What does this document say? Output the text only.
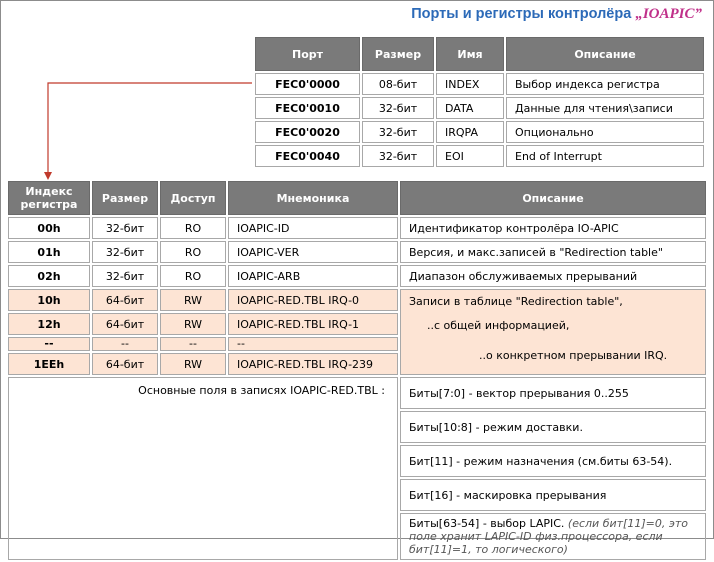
Порты и регистры контролёра „IOAPIC”
Порт	Размер	Имя	Описание
FEC0'0000	08-бит	INDEX	Выбор индекса регистра
FEC0'0010	32-бит	DATA	Данные для чтения\записи
FEC0'0020	32-бит	IRQPA	Опционально
FEC0'0040	32-бит	EOI	End of Interrupt
Индекс регистра	Размер	Доступ	Мнемоника	Описание
00h	32-бит	RO	IOAPIC-ID	Идентификатор контролёра IO-APIC
01h	32-бит	RO	IOAPIC-VER	Версия, и макс.записей в "Redirection table"
02h	32-бит	RO	IOAPIC-ARB	Диапазон обслуживаемых прерываний
10h	64-бит	RW	IOAPIC-RED.TBL IRQ-0	Записи в таблице "Redirection table",
..с общей информацией,
..о конкретном прерывании IRQ.

12h	64-бит	RW	IOAPIC-RED.TBL IRQ-1	
--	--	--	--	
1EEh	64-бит	RW	IOAPIC-RED.TBL IRQ-239	
Основные поля в записях IOAPIC-RED.TBL :				Биты[7:0] - вектор прерывания 0..255
				Биты[10:8] - режим доставки.
				Бит[11] - режим назначения (см.биты 63-54).
				Бит[16] - маскировка прерывания
				Биты[63-54] - выбор LAPIC. (если бит[11]=0, это поле хранит LAPIC-ID физ.процессора, если бит[11]=1, то логического)
